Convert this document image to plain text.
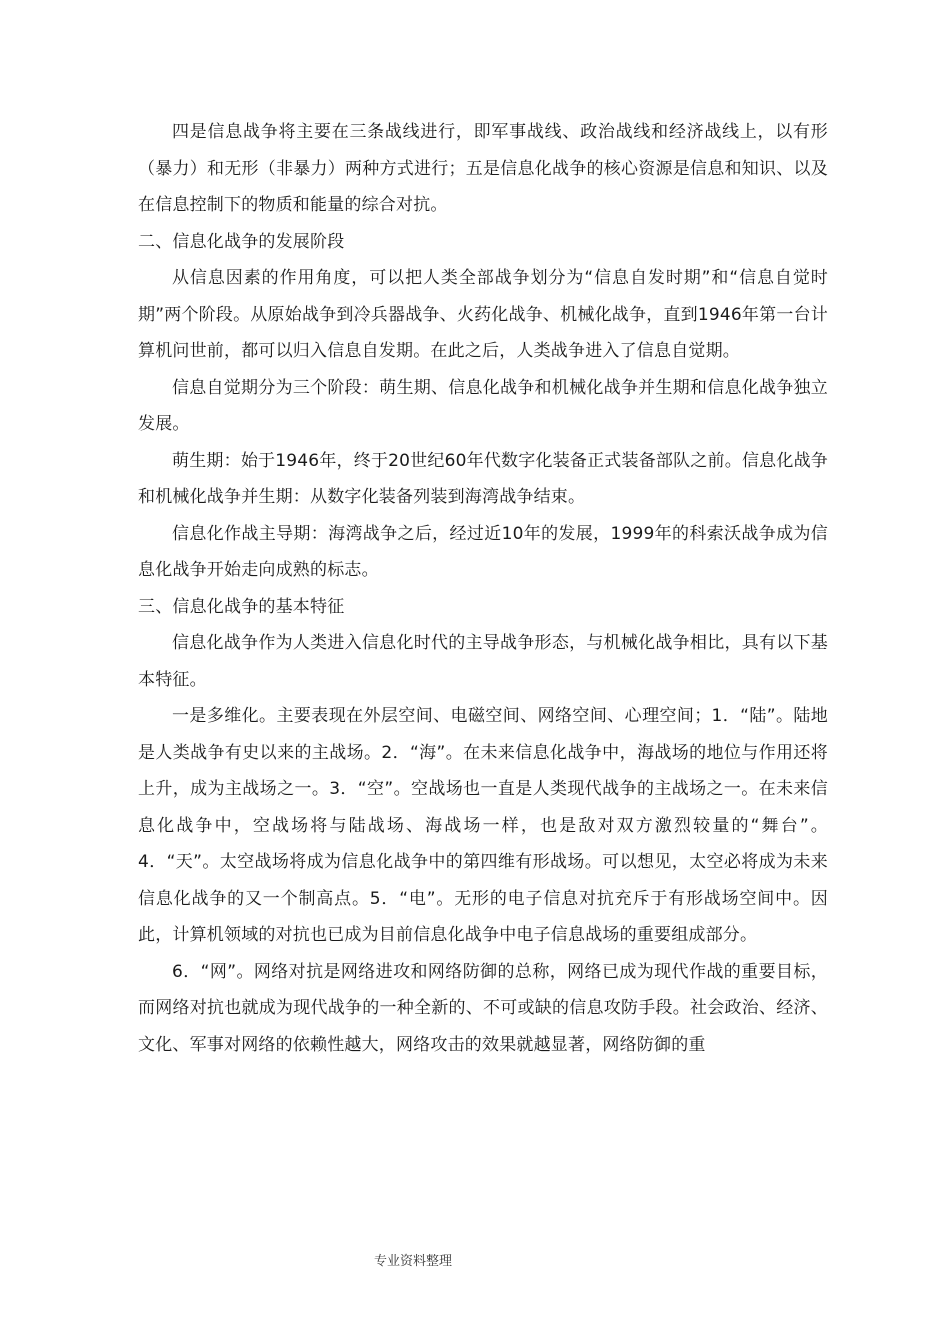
四是信息战争将主要在三条战线进行，即军事战线、政治战线和经济战线上，以有形（暴力）和无形（非暴力）两种方式进行；五是信息化战争的核心资源是信息和知识、以及在信息控制下的物质和能量的综合对抗。

二、信息化战争的发展阶段

从信息因素的作用角度，可以把人类全部战争划分为“信息自发时期”和“信息自觉时期”两个阶段。从原始战争到冷兵器战争、火药化战争、机械化战争，直到1946年第一台计算机问世前，都可以归入信息自发期。在此之后，人类战争进入了信息自觉期。

信息自觉期分为三个阶段：萌生期、信息化战争和机械化战争并生期和信息化战争独立发展。

萌生期：始于1946年，终于20世纪60年代数字化装备正式装备部队之前。信息化战争和机械化战争并生期：从数字化装备列装到海湾战争结束。

信息化作战主导期：海湾战争之后，经过近10年的发展，1999年的科索沃战争成为信息化战争开始走向成熟的标志。

三、信息化战争的基本特征

信息化战争作为人类进入信息化时代的主导战争形态，与机械化战争相比，具有以下基本特征。

一是多维化。主要表现在外层空间、电磁空间、网络空间、心理空间；1．“陆”。陆地是人类战争有史以来的主战场。2．“海”。在未来信息化战争中，海战场的地位与作用还将上升，成为主战场之一。3．“空”。空战场也一直是人类现代战争的主战场之一。在未来信息化战争中，空战场将与陆战场、海战场一样，也是敌对双方激烈较量的“舞台”。4．“天”。太空战场将成为信息化战争中的第四维有形战场。可以想见，太空必将成为未来信息化战争的又一个制高点。5．“电”。无形的电子信息对抗充斥于有形战场空间中。因此，计算机领域的对抗也已成为目前信息化战争中电子信息战场的重要组成部分。

6．“网”。网络对抗是网络进攻和网络防御的总称，网络已成为现代作战的重要目标，而网络对抗也就成为现代战争的一种全新的、不可或缺的信息攻防手段。社会政治、经济、文化、军事对网络的依赖性越大，网络攻击的效果就越显著，网络防御的重

专业资料整理
